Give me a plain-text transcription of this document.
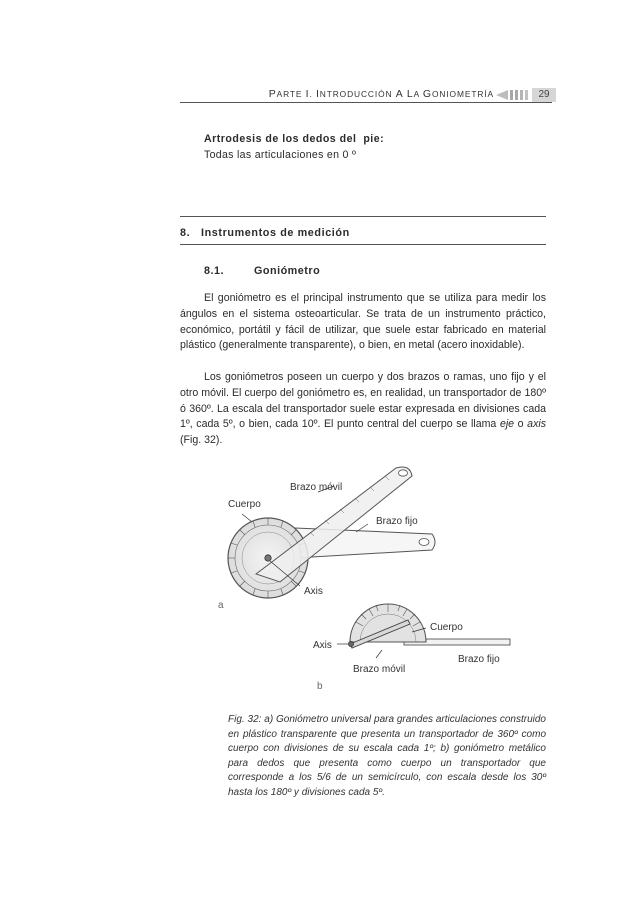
PARTE I. INTRODUCCIÓN A LA GONIOMETRÍA	29
Artrodesis de los dedos del  pie:
Todas las articulaciones en 0 º
8.   Instrumentos de medición
8.1.	Goniómetro

El goniómetro es el principal instrumento que se utiliza para medir los ángulos en el sistema osteoarticular. Se trata de un instrumento práctico, económico, portátil y fácil de utilizar, que suele estar fabricado en material plástico (generalmente transparente), o bien, en metal (acero inoxidable).

Los goniómetros poseen un cuerpo y dos brazos o ramas, uno fijo y el otro móvil. El cuerpo del goniómetro es, en realidad, un transportador de 180º ó 360º. La escala del transportador suele estar expresada en divisiones cada 1º, cada 5º, o bien, cada 10º. El punto central del cuerpo se llama eje o axis (Fig. 32).

Brazo móvil
Cuerpo
Brazo fijo
Axis
a
Cuerpo
Axis
Brazo fijo
Brazo móvil
b

Fig. 32: a) Goniómetro universal para grandes articulaciones construido en plástico transparente que presenta un transportador de 360º como cuerpo con divisiones de su escala cada 1º; b) goniómetro metálico para dedos que presenta como cuerpo un transportador que corresponde a los 5/6 de un semicírculo, con escala desde los 30º hasta los 180º y divisiones cada 5º.
